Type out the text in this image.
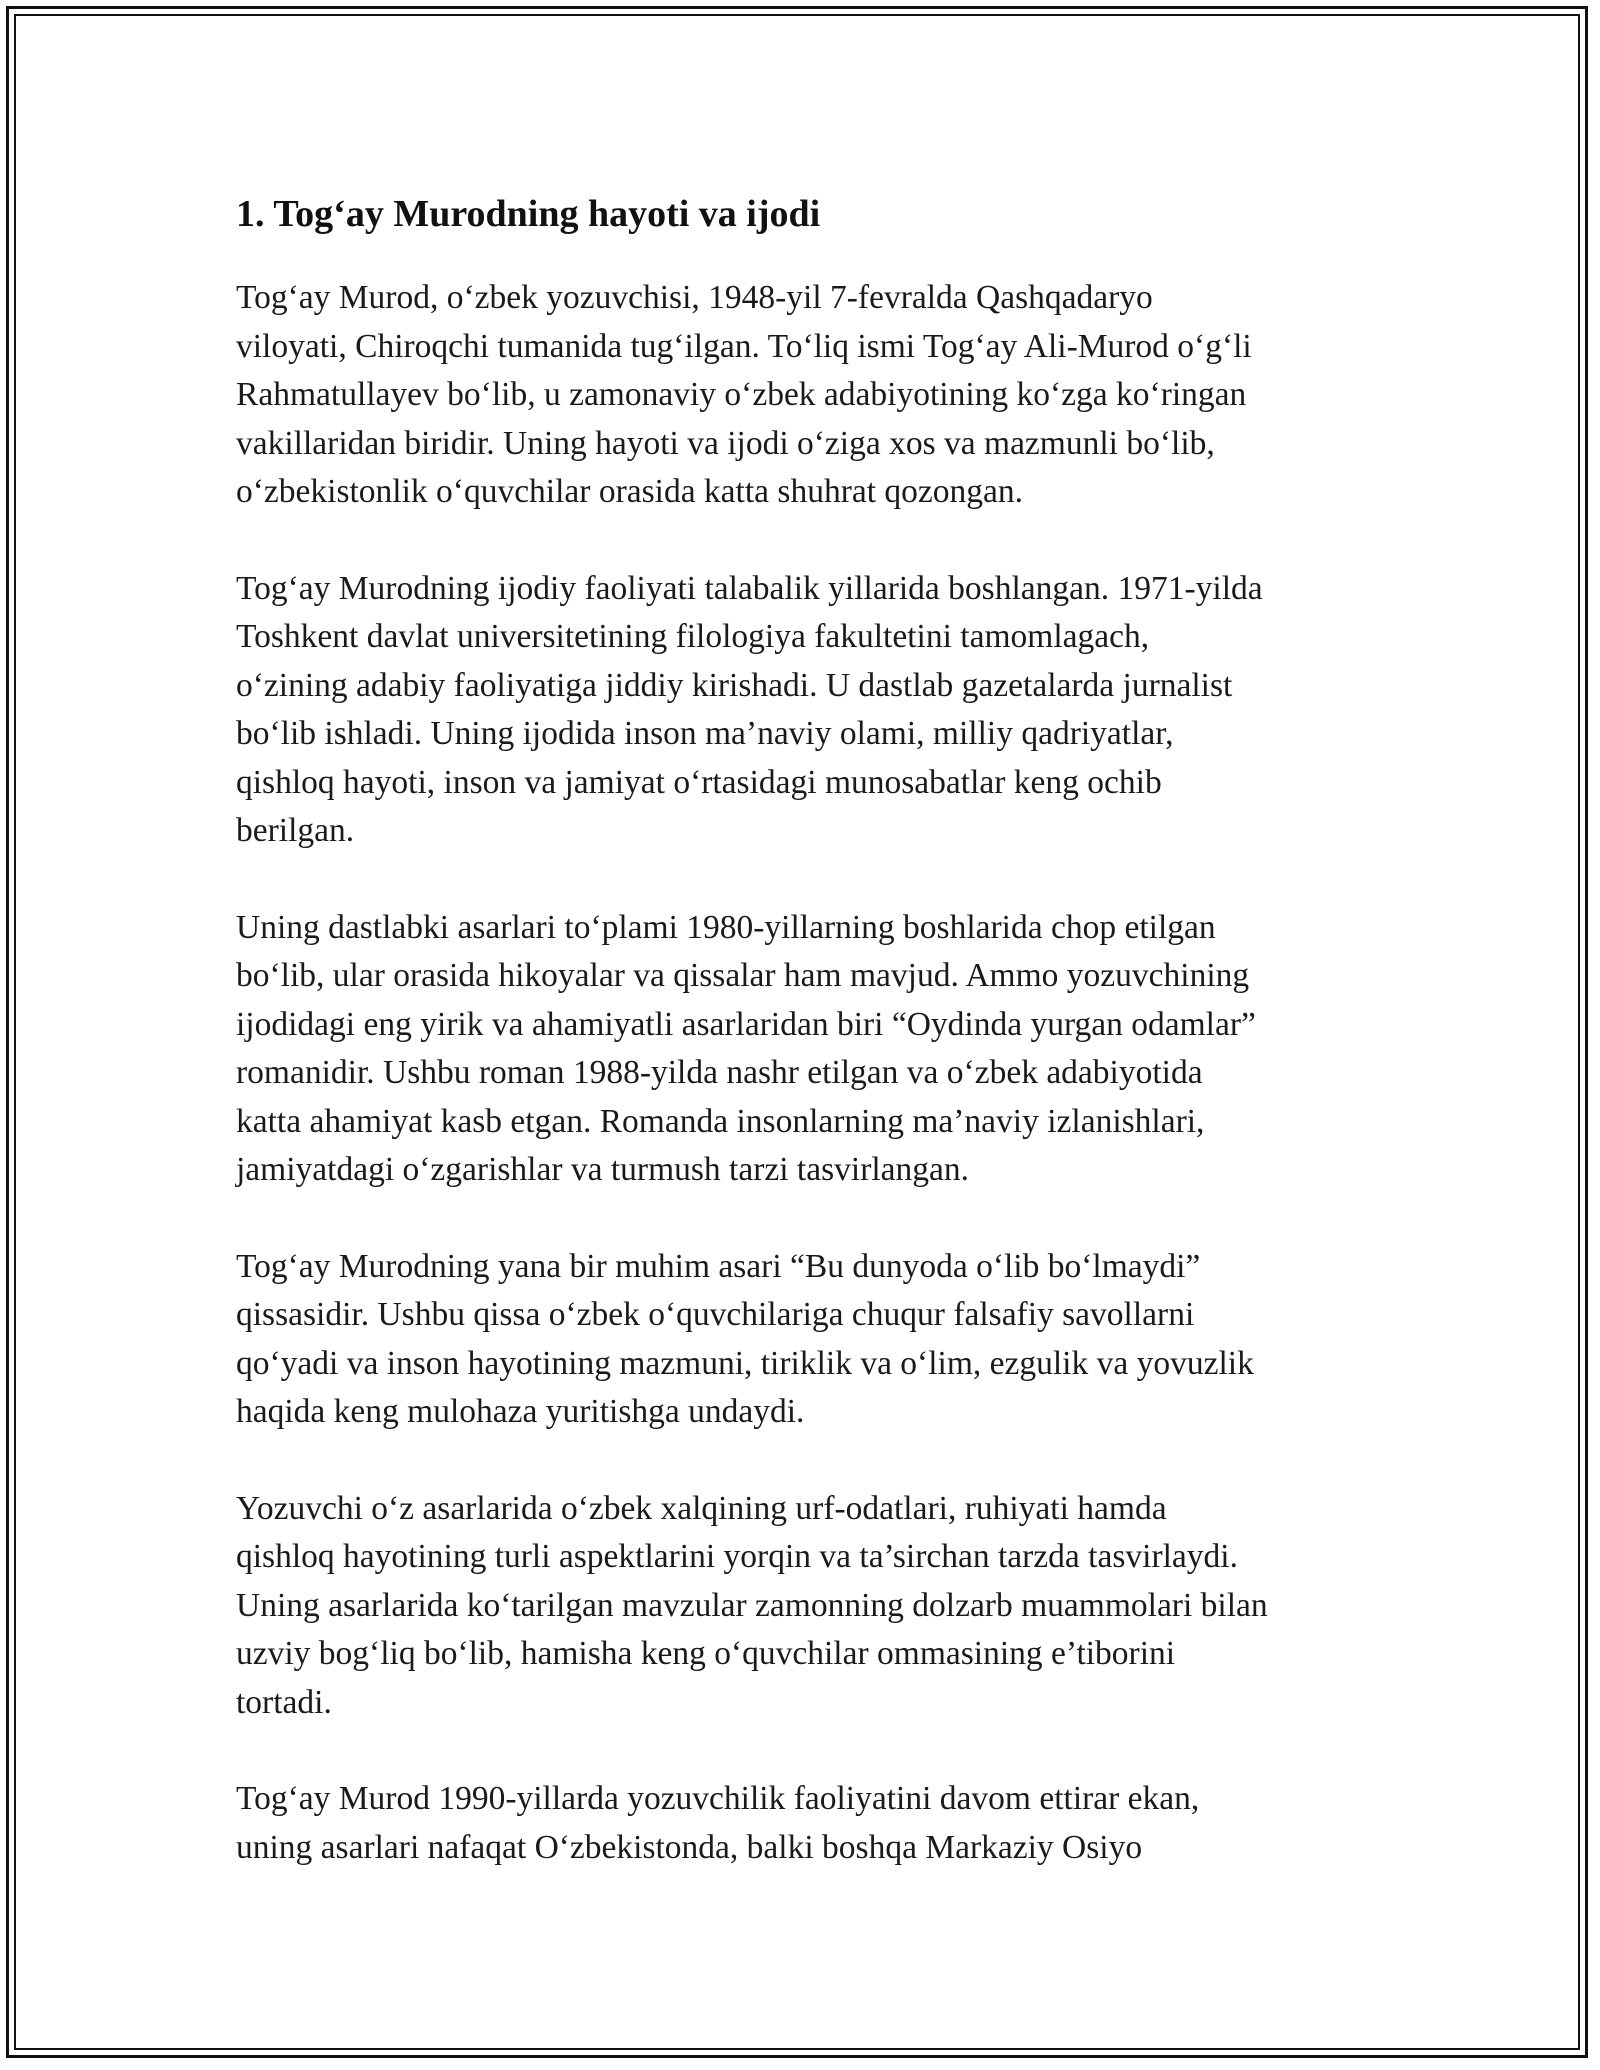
1. Tog‘ay Murodning hayoti va ijodi

Tog‘ay Murod, o‘zbek yozuvchisi, 1948-yil 7-fevralda Qashqadaryo
viloyati, Chiroqchi tumanida tug‘ilgan. To‘liq ismi Tog‘ay Ali-Murod o‘g‘li
Rahmatullayev bo‘lib, u zamonaviy o‘zbek adabiyotining ko‘zga ko‘ringan
vakillaridan biridir. Uning hayoti va ijodi o‘ziga xos va mazmunli bo‘lib,
o‘zbekistonlik o‘quvchilar orasida katta shuhrat qozongan.

Tog‘ay Murodning ijodiy faoliyati talabalik yillarida boshlangan. 1971-yilda
Toshkent davlat universitetining filologiya fakultetini tamomlagach,
o‘zining adabiy faoliyatiga jiddiy kirishadi. U dastlab gazetalarda jurnalist
bo‘lib ishladi. Uning ijodida inson ma’naviy olami, milliy qadriyatlar,
qishloq hayoti, inson va jamiyat o‘rtasidagi munosabatlar keng ochib
berilgan.

Uning dastlabki asarlari to‘plami 1980-yillarning boshlarida chop etilgan
bo‘lib, ular orasida hikoyalar va qissalar ham mavjud. Ammo yozuvchining
ijodidagi eng yirik va ahamiyatli asarlaridan biri “Oydinda yurgan odamlar”
romanidir. Ushbu roman 1988-yilda nashr etilgan va o‘zbek adabiyotida
katta ahamiyat kasb etgan. Romanda insonlarning ma’naviy izlanishlari,
jamiyatdagi o‘zgarishlar va turmush tarzi tasvirlangan.

Tog‘ay Murodning yana bir muhim asari “Bu dunyoda o‘lib bo‘lmaydi”
qissasidir. Ushbu qissa o‘zbek o‘quvchilariga chuqur falsafiy savollarni
qo‘yadi va inson hayotining mazmuni, tiriklik va o‘lim, ezgulik va yovuzlik
haqida keng mulohaza yuritishga undaydi.

Yozuvchi o‘z asarlarida o‘zbek xalqining urf-odatlari, ruhiyati hamda
qishloq hayotining turli aspektlarini yorqin va ta’sirchan tarzda tasvirlaydi.
Uning asarlarida ko‘tarilgan mavzular zamonning dolzarb muammolari bilan
uzviy bog‘liq bo‘lib, hamisha keng o‘quvchilar ommasining e’tiborini
tortadi.

Tog‘ay Murod 1990-yillarda yozuvchilik faoliyatini davom ettirar ekan,
uning asarlari nafaqat O‘zbekistonda, balki boshqa Markaziy Osiyo
